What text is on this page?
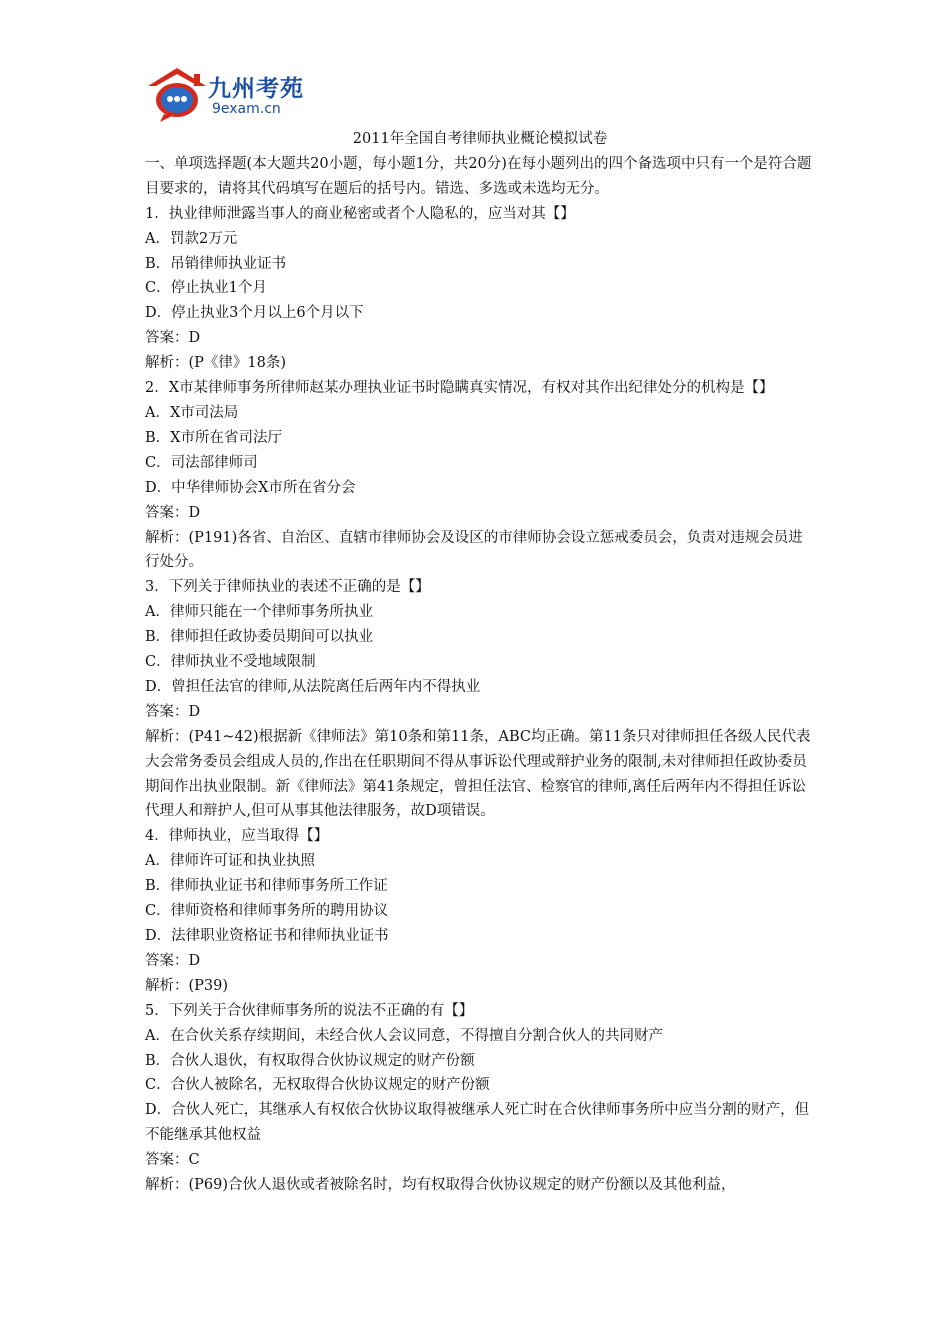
九州考苑
9exam.cn
2011年全国自考律师执业概论模拟试卷
一、单项选择题(本大题共20小题，每小题1分，共20分)在每小题列出的四个备选项中只有一个是符合题目要求的，请将其代码填写在题后的括号内。错选、多选或未选均无分。
1．执业律师泄露当事人的商业秘密或者个人隐私的，应当对其【】
A．罚款2万元
B．吊销律师执业证书
C．停止执业1个月
D．停止执业3个月以上6个月以下
答案：D
解析：(P《律》18条)
2．X市某律师事务所律师赵某办理执业证书时隐瞒真实情况，有权对其作出纪律处分的机构是【】
A．X市司法局
B．X市所在省司法厅
C．司法部律师司
D．中华律师协会X市所在省分会
答案：D
解析：(P191)各省、自治区、直辖市律师协会及设区的市律师协会设立惩戒委员会，负责对违规会员进行处分。
3．下列关于律师执业的表述不正确的是【】
A．律师只能在一个律师事务所执业
B．律师担任政协委员期间可以执业
C．律师执业不受地域限制
D．曾担任法官的律师,从法院离任后两年内不得执业
答案：D
解析：(P41~42)根据新《律师法》第10条和第11条，ABC均正确。第11条只对律师担任各级人民代表大会常务委员会组成人员的,作出在任职期间不得从事诉讼代理或辩护业务的限制,未对律师担任政协委员期间作出执业限制。新《律师法》第41条规定，曾担任法官、检察官的律师,离任后两年内不得担任诉讼代理人和辩护人,但可从事其他法律服务，故D项错误。
4．律师执业，应当取得【】
A．律师许可证和执业执照
B．律师执业证书和律师事务所工作证
C．律师资格和律师事务所的聘用协议
D．法律职业资格证书和律师执业证书
答案：D
解析：(P39)
5．下列关于合伙律师事务所的说法不正确的有【】
A．在合伙关系存续期间，未经合伙人会议同意，不得擅自分割合伙人的共同财产
B．合伙人退伙，有权取得合伙协议规定的财产份额
C．合伙人被除名，无权取得合伙协议规定的财产份额
D．合伙人死亡，其继承人有权依合伙协议取得被继承人死亡时在合伙律师事务所中应当分割的财产，但不能继承其他权益
答案：C
解析：(P69)合伙人退伙或者被除名时，均有权取得合伙协议规定的财产份额以及其他利益，
